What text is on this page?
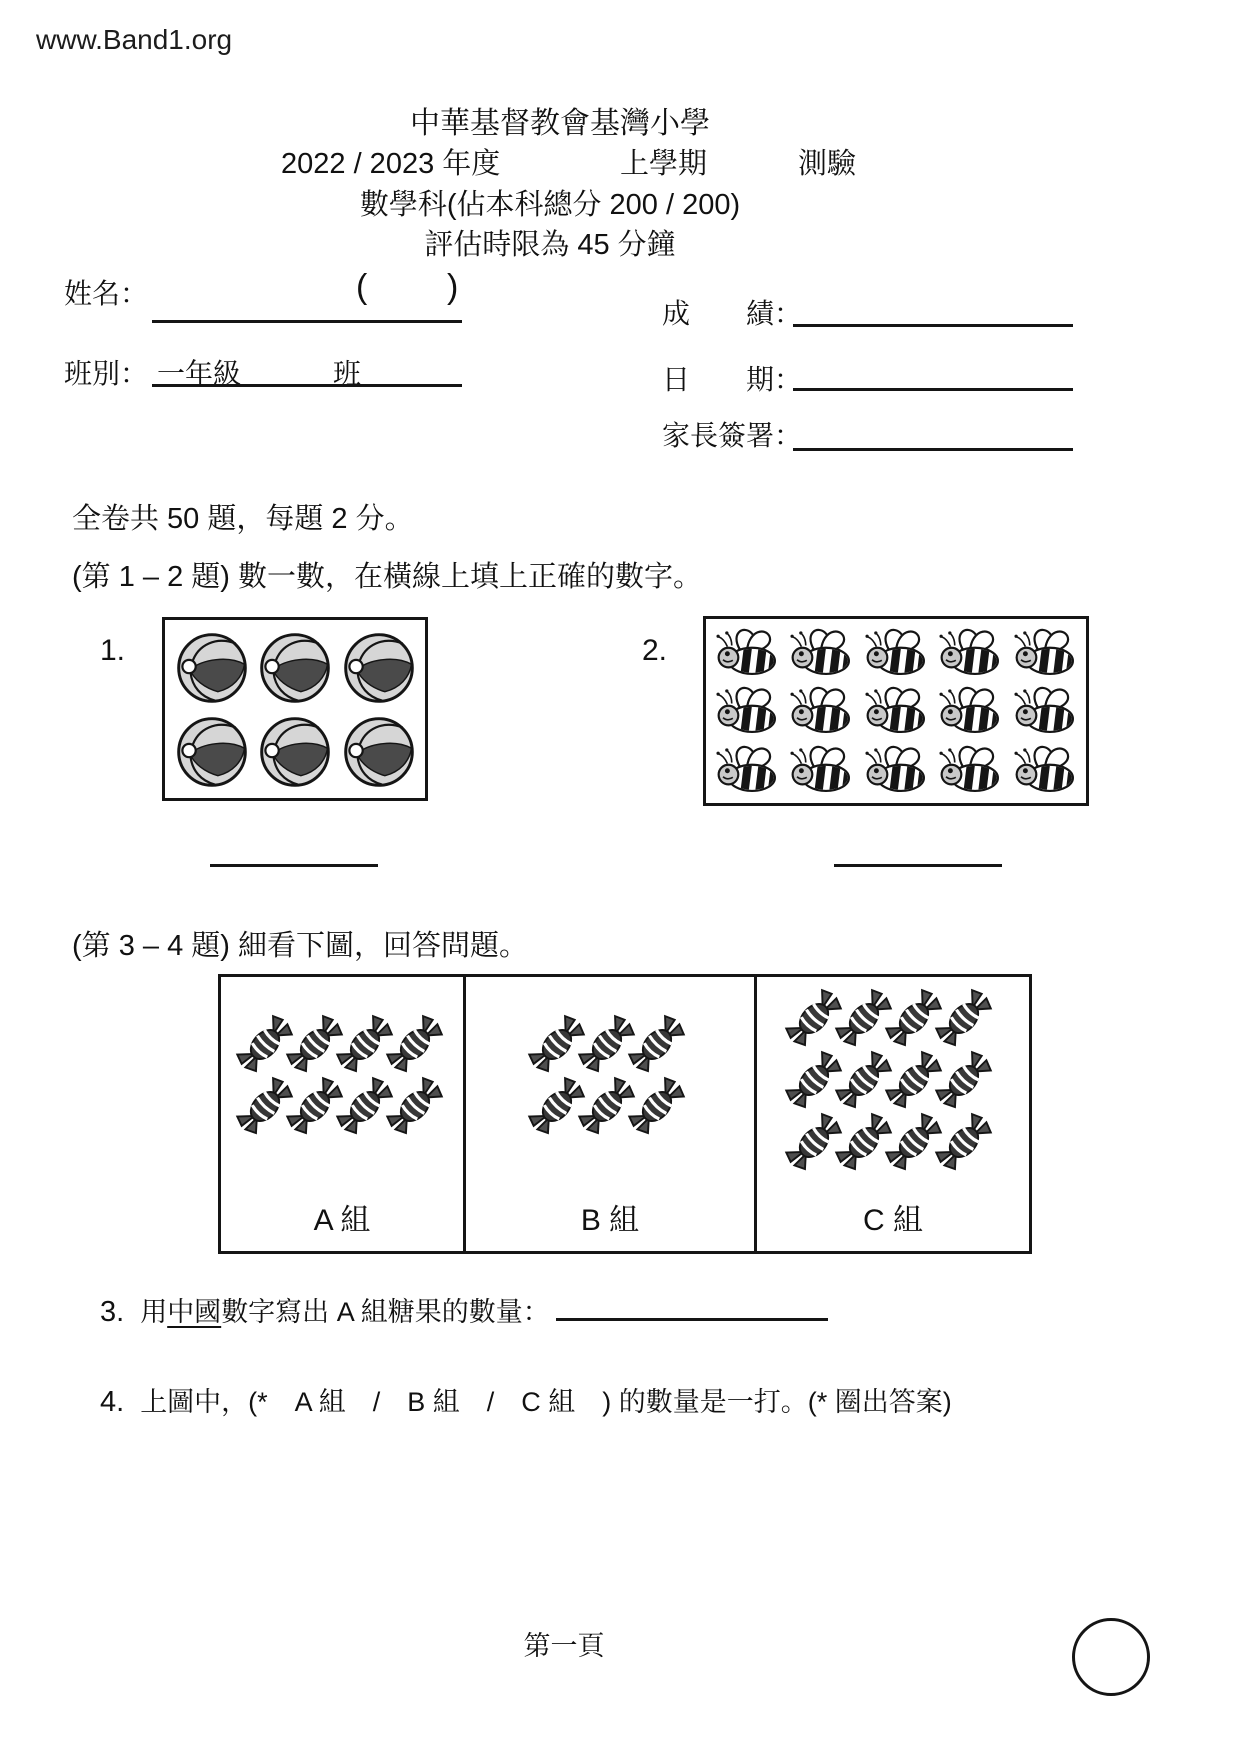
www.Band1.org
中華基督教會基灣小學
2022 / 2023 年度	上學期	測驗
數學科(佔本科總分 200 / 200)
評估時限為 45 分鐘
姓名：	( )
班別： 一年級	班
成　　績：
日　　期：
家長簽署：
全卷共 50 題，每題 2 分。
(第 1 – 2 題) 數一數，在橫線上填上正確的數字。
1.	2.
(第 3 – 4 題) 細看下圖，回答問題。
A 組	B 組	C 組
3. 用中國數字寫出 A 組糖果的數量：
4. 上圖中，(*　A 組　/　B 組　/　C 組　) 的數量是一打。(* 圈出答案)
第一頁
